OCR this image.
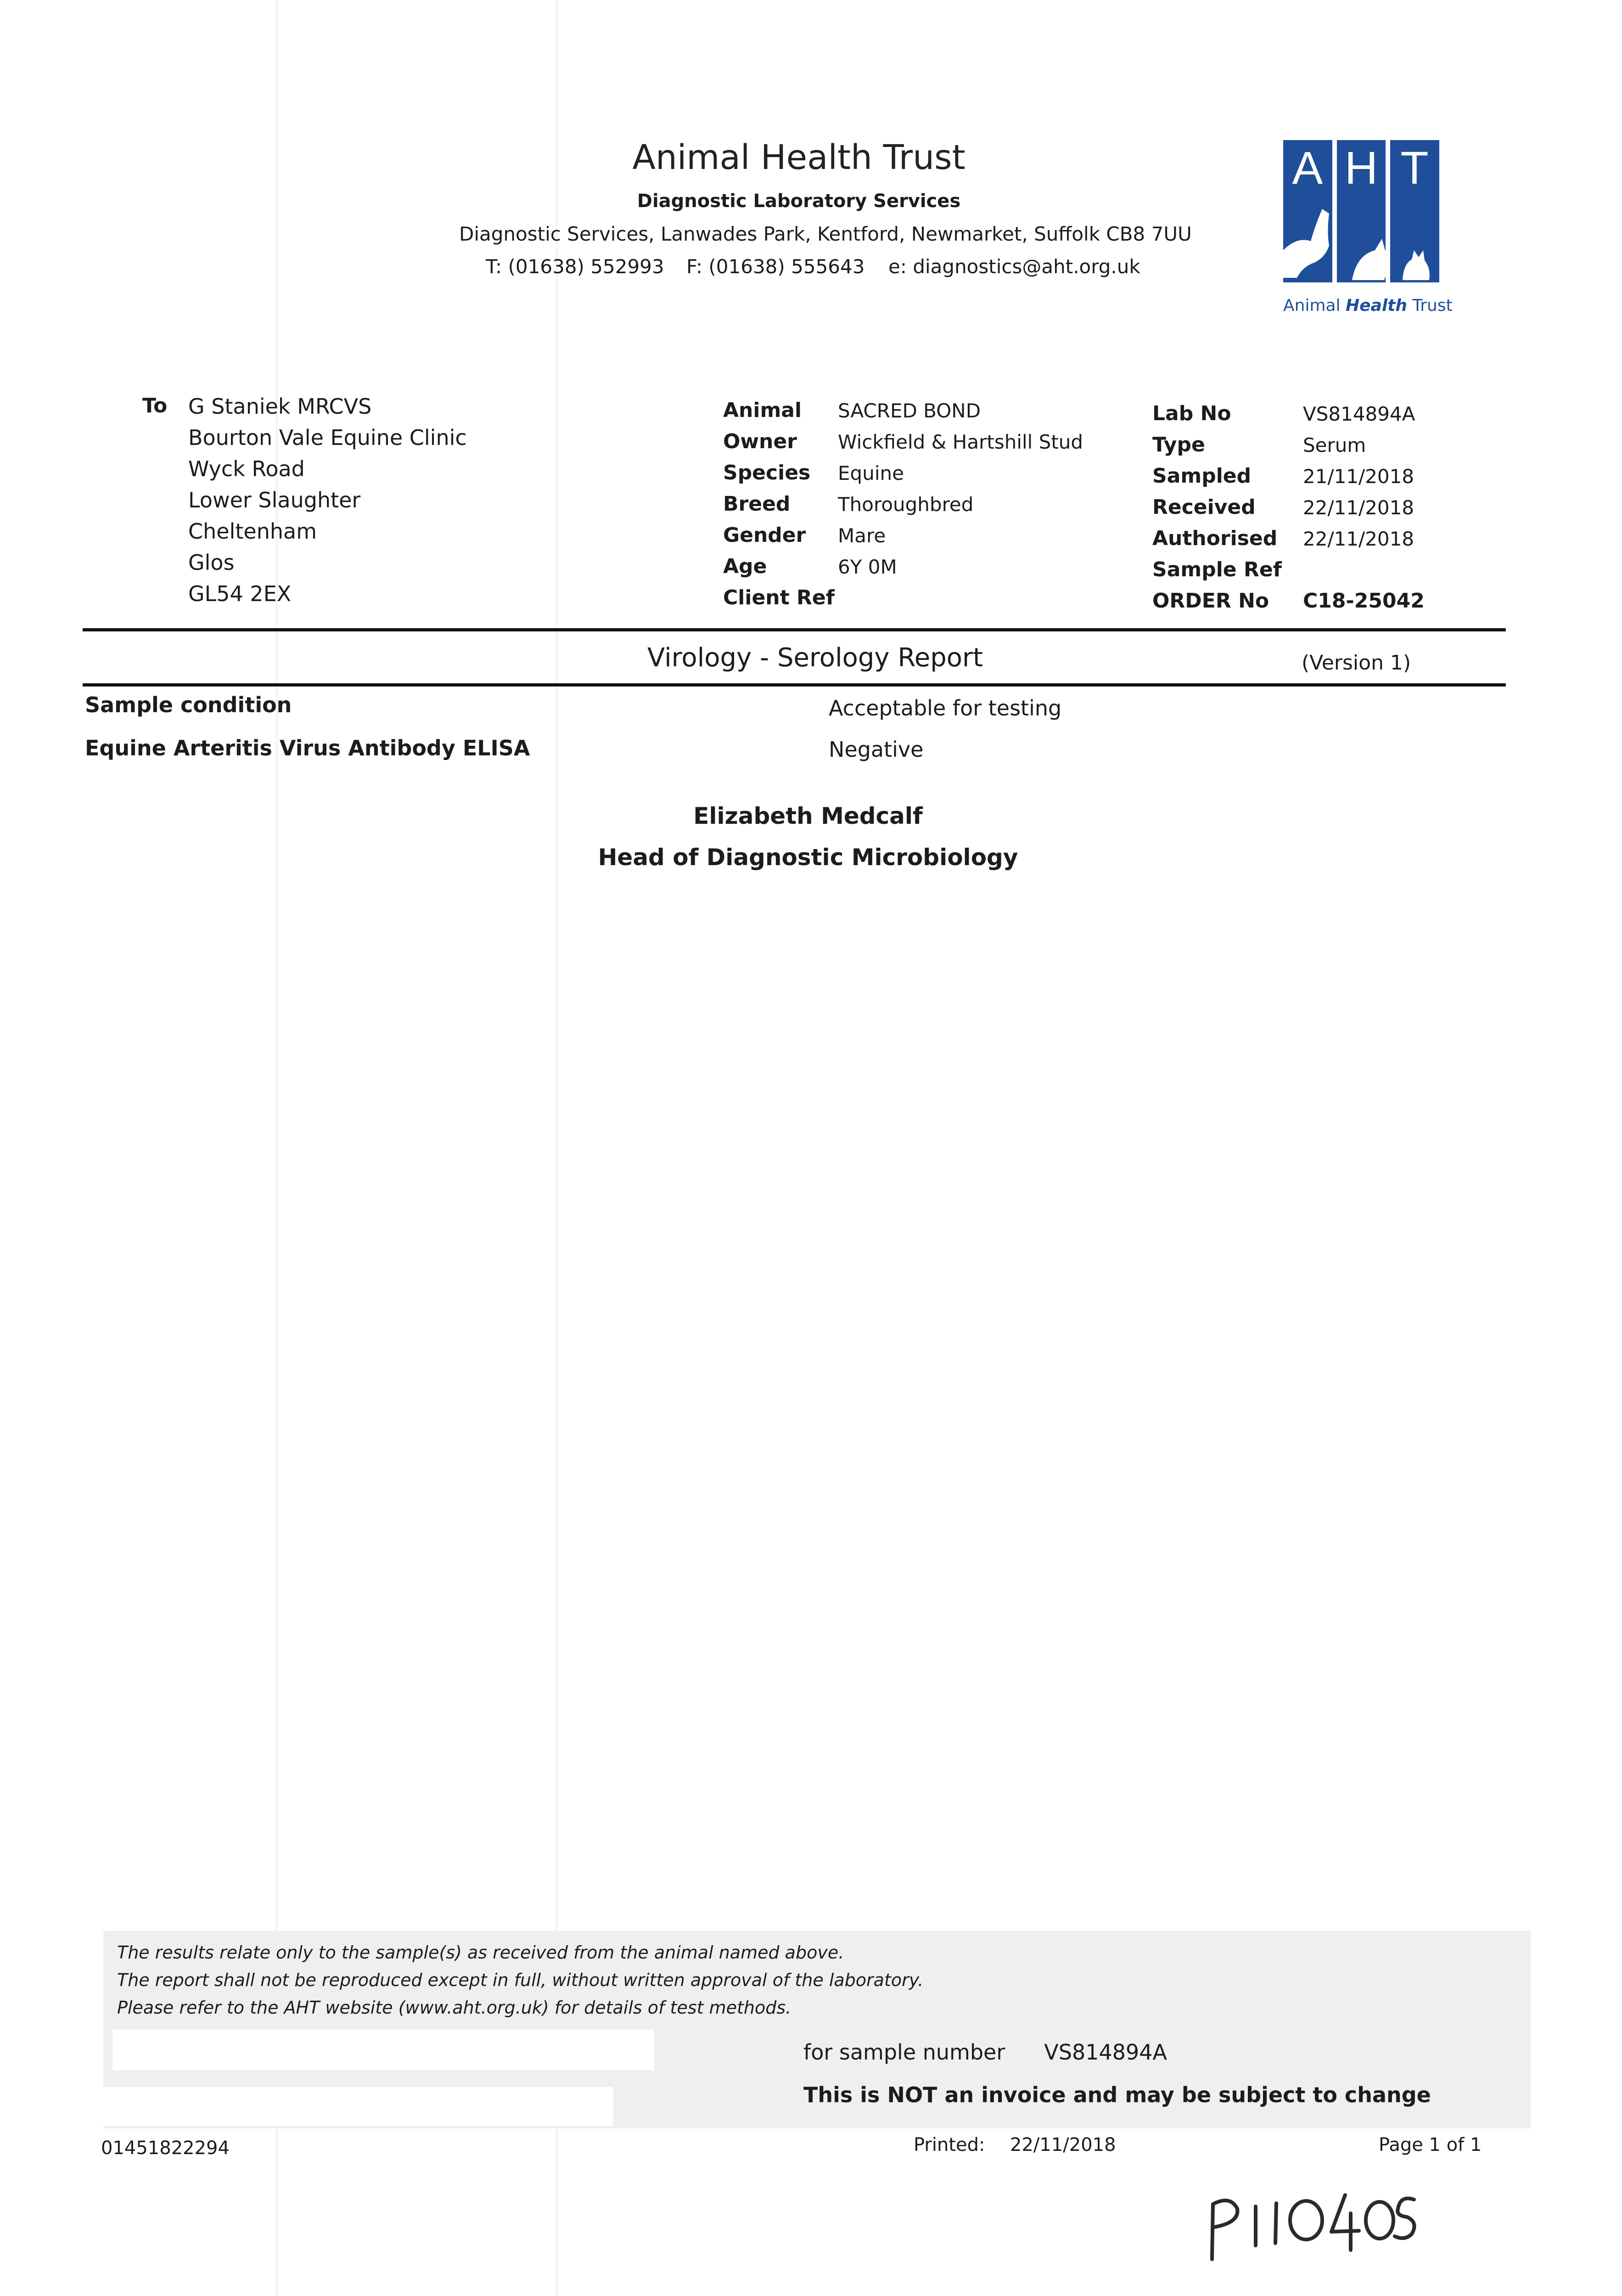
Animal Health Trust
Diagnostic Laboratory Services
Diagnostic Services, Lanwades Park, Kentford, Newmarket, Suffolk CB8 7UU
T: (01638) 552993 F: (01638) 555643 e: diagnostics@aht.org.uk
A H T
Animal Health Trust
To G Staniek MRCVS
Bourton Vale Equine Clinic
Wyck Road
Lower Slaughter
Cheltenham
Glos
GL54 2EX
Animal SACRED BOND
Owner Wickfield & Hartshill Stud
Species Equine
Breed Thoroughbred
Gender Mare
Age	6Y 0M
Client Ref
Lab No	VS814894A
Type	Serum
Sampled	21/11/2018
Received 22/11/2018
Authorised 22/11/2018
Sample Ref
ORDER No C18-25042
Virology - Serology Report	(Version 1)
Sample condition	Acceptable for testing
Equine Arteritis Virus Antibody ELISA	Negative
Elizabeth Medcalf
Head of Diagnostic Microbiology
The results relate only to the sample(s) as received from the animal named above.
The report shall not be reproduced except in full, without written approval of the laboratory.
Please refer to the AHT website (www.aht.org.uk) for details of test methods.
for sample number VS814894A
This is NOT an invoice and may be subject to change
01451822294	Printed: 22/11/2018	Page 1 of 1
